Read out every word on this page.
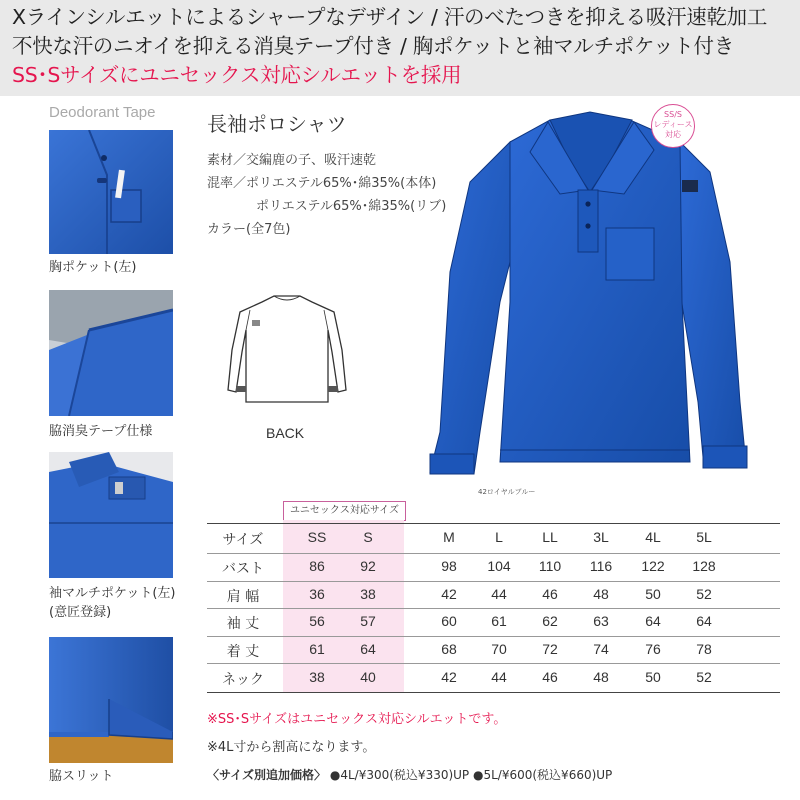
Xラインシルエットによるシャープなデザイン / 汗のべたつきを抑える吸汗速乾加工
不快な汗のニオイを抑える消臭テープ付き / 胸ポケットと袖マルチポケット付き
SS･Sサイズにユニセックス対応シルエットを採用
Deodorant Tape
胸ポケット(左)
脇消臭テープ仕様
袖マルチポケット(左)
(意匠登録)
脇スリット
長袖ポロシャツ
素材／交編鹿の子、吸汗速乾
混率／ポリエステル65%･綿35%(本体)
ポリエステル65%･綿35%(リブ)
カラー(全7色)
BACK
42ロイヤルブルー
SS/S
レディース
対応
ユニセックス対応サイズ
サイズ	SS	S	M	L	LL	3L	4L	5L
バスト	86	92	98	104	110	116	122	128
肩 幅	36	38	42	44	46	48	50	52
袖 丈	56	57	60	61	62	63	64	64
着 丈	61	64	68	70	72	74	76	78
ネック	38	40	42	44	46	48	50	52
※SS･Sサイズはユニセックス対応シルエットです。
※4L寸から割高になります。
〈サイズ別追加価格〉 ●4L/¥300(税込¥330)UP ●5L/¥600(税込¥660)UP
